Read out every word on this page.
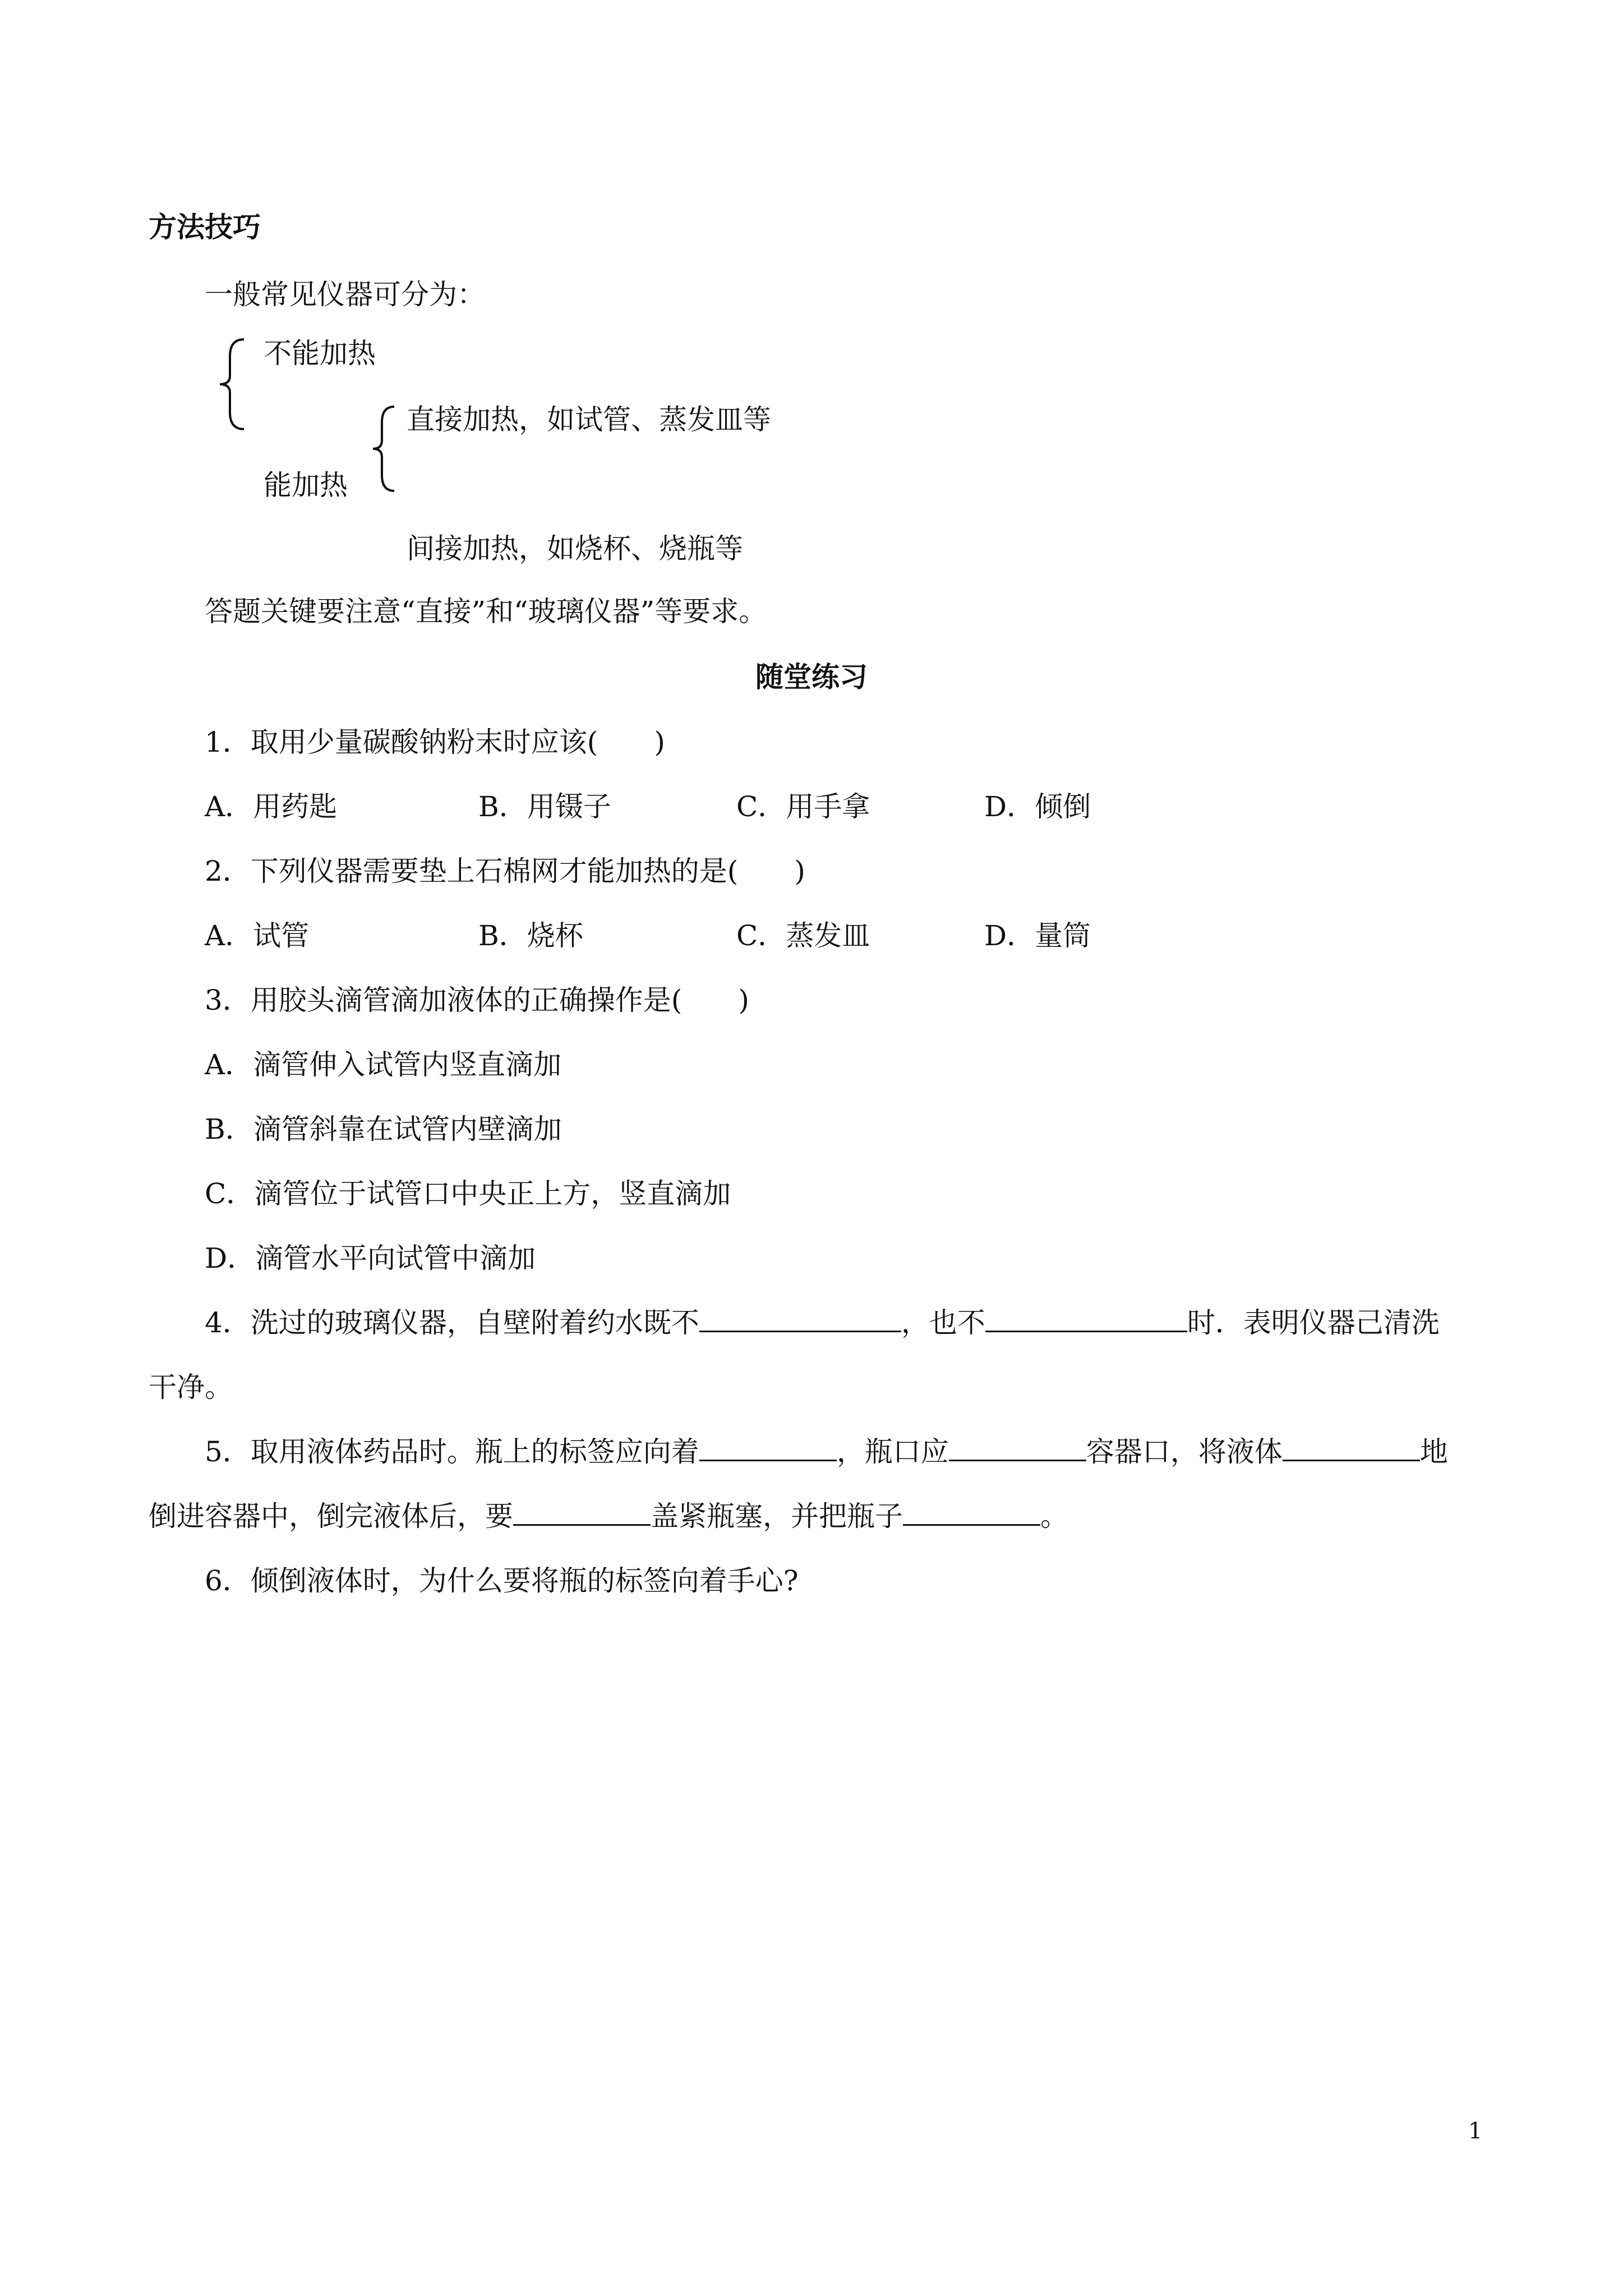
方法技巧
一般常见仪器可分为：
不能加热
能加热
直接加热，如试管、蒸发皿等
间接加热，如烧杯、烧瓶等
答题关键要注意“直接”和“玻璃仪器”等要求。
随堂练习
1．取用少量碳酸钠粉末时应该(　　)
A．用药匙	B．用镊子	C．用手拿	D．倾倒
2．下列仪器需要垫上石棉网才能加热的是(　　)
A．试管	B．烧杯	C．蒸发皿	D．量筒
3．用胶头滴管滴加液体的正确操作是(　　)
A．滴管伸入试管内竖直滴加
B．滴管斜靠在试管内壁滴加
C．滴管位于试管口中央正上方，竖直滴加
D．滴管水平向试管中滴加
4．洗过的玻璃仪器，自壁附着约水既不	，也不	时．表明仪器己清洗
干净。
5．取用液体药品时。瓶上的标签应向着	，瓶口应	容器口，将液体	地
倒进容器中，倒完液体后，要	盖紧瓶塞，并把瓶子	。
6．倾倒液体时，为什么要将瓶的标签向着手心?
1
